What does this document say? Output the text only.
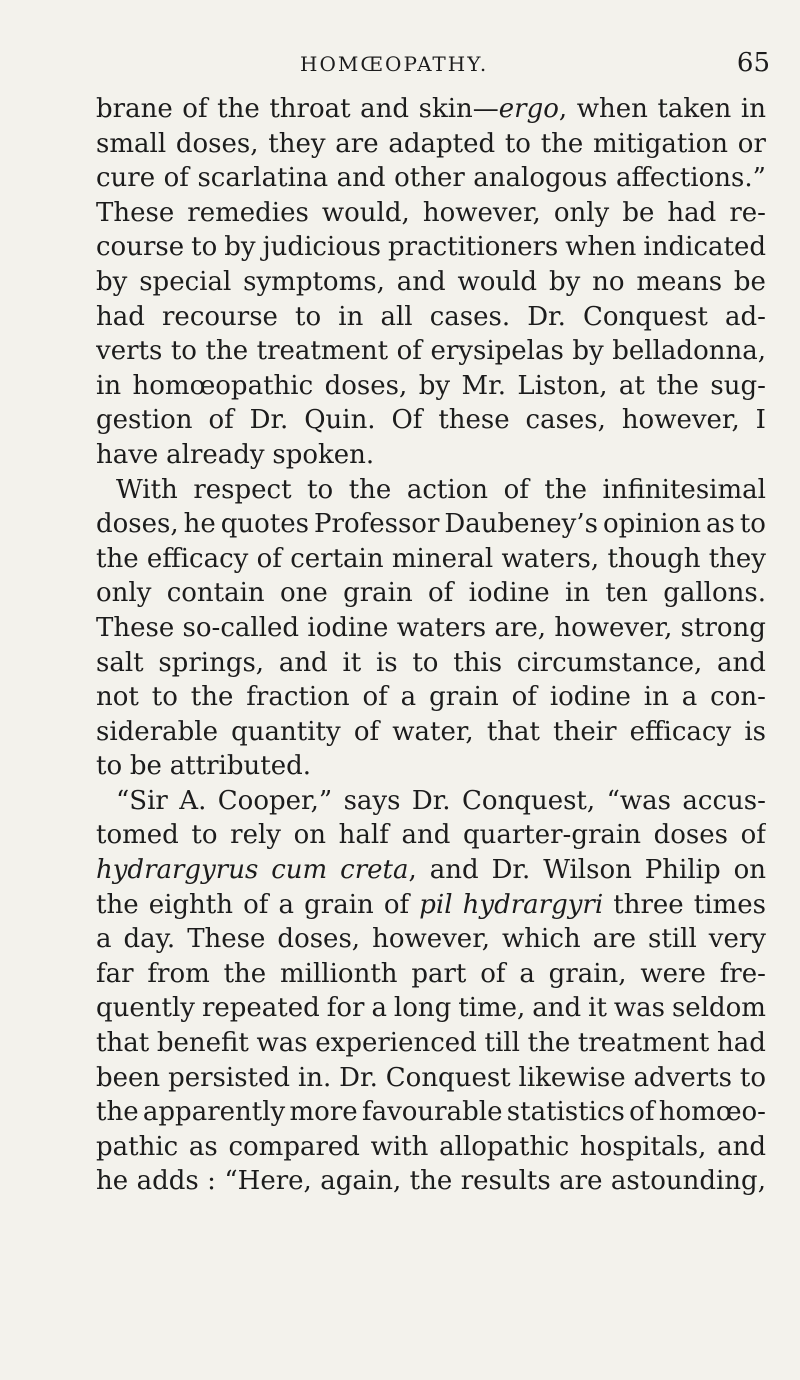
HOMŒOPATHY.	65
brane of the throat and skin—ergo, when taken in
small doses, they are adapted to the mitigation or
cure of scarlatina and other analogous affections.”
These remedies would, however, only be had re-
course to by judicious practitioners when indicated
by special symptoms, and would by no means be
had recourse to in all cases. Dr. Conquest ad-
verts to the treatment of erysipelas by belladonna,
in homœopathic doses, by Mr. Liston, at the sug-
gestion of Dr. Quin. Of these cases, however, I
have already spoken.
With respect to the action of the infinitesimal
doses, he quotes Professor Daubeney’s opinion as to
the efficacy of certain mineral waters, though they
only contain one grain of iodine in ten gallons.
These so-called iodine waters are, however, strong
salt springs, and it is to this circumstance, and
not to the fraction of a grain of iodine in a con-
siderable quantity of water, that their efficacy is
to be attributed.
“Sir A. Cooper,” says Dr. Conquest, “was accus-
tomed to rely on half and quarter-grain doses of
hydrargyrus cum creta, and Dr. Wilson Philip on
the eighth of a grain of pil hydrargyri three times
a day. These doses, however, which are still very
far from the millionth part of a grain, were fre-
quently repeated for a long time, and it was seldom
that benefit was experienced till the treatment had
been persisted in. Dr. Conquest likewise adverts to
the apparently more favourable statistics of homœo-
pathic as compared with allopathic hospitals, and
he adds : “Here, again, the results are astounding,
